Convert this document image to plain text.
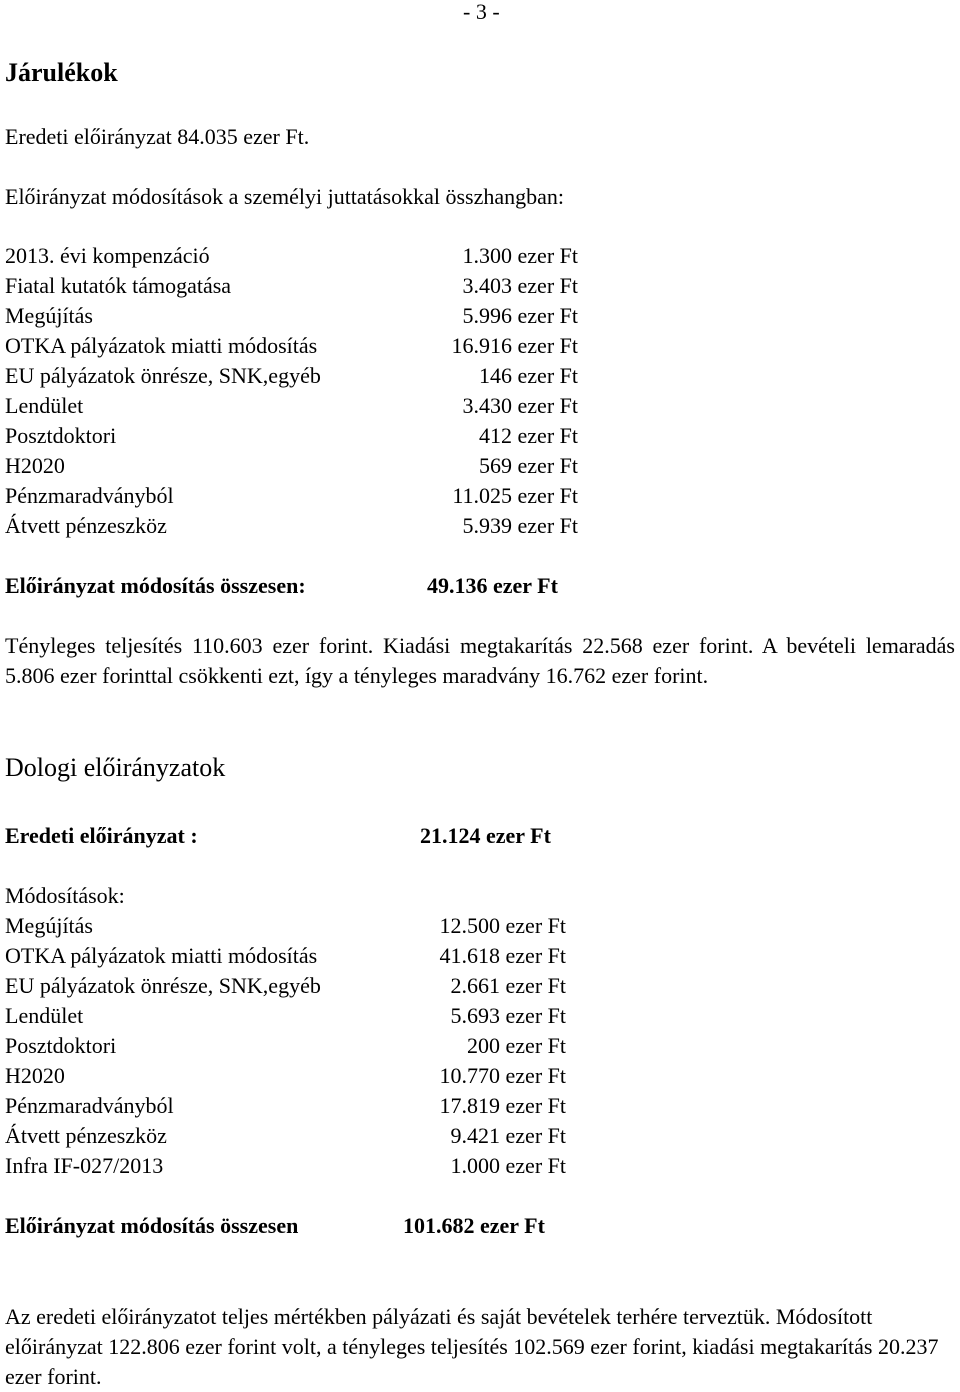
- 3 -
Járulékok
Eredeti előirányzat 84.035 ezer Ft.
Előirányzat módosítások a személyi juttatásokkal összhangban:
2013. évi kompenzáció	1.300 ezer Ft
Fiatal kutatók támogatása	3.403 ezer Ft
Megújítás	5.996 ezer Ft
OTKA pályázatok miatti módosítás	16.916 ezer Ft
EU pályázatok önrésze, SNK,egyéb	146 ezer Ft
Lendület	3.430 ezer Ft
Posztdoktori	412 ezer Ft
H2020	569 ezer Ft
Pénzmaradványból	11.025 ezer Ft
Átvett pénzeszköz	5.939 ezer Ft
Előirányzat módosítás összesen:	49.136 ezer Ft
Tényleges teljesítés 110.603 ezer forint. Kiadási megtakarítás 22.568 ezer forint. A bevételi lemaradás 5.806 ezer forinttal csökkenti ezt, így a tényleges maradvány 16.762 ezer forint.
Dologi előirányzatok
Eredeti előirányzat :	21.124 ezer Ft
Módosítások:
Megújítás	12.500 ezer Ft
OTKA pályázatok miatti módosítás	41.618 ezer Ft
EU pályázatok önrésze, SNK,egyéb	2.661 ezer Ft
Lendület	5.693 ezer Ft
Posztdoktori	200 ezer Ft
H2020	10.770 ezer Ft
Pénzmaradványból	17.819 ezer Ft
Átvett pénzeszköz	9.421 ezer Ft
Infra IF-027/2013	1.000 ezer Ft
Előirányzat módosítás összesen	101.682 ezer Ft
Az eredeti előirányzatot teljes mértékben pályázati és saját bevételek terhére terveztük. Módosított előirányzat 122.806 ezer forint volt, a tényleges teljesítés 102.569 ezer forint, kiadási megtakarítás 20.237 ezer forint.
